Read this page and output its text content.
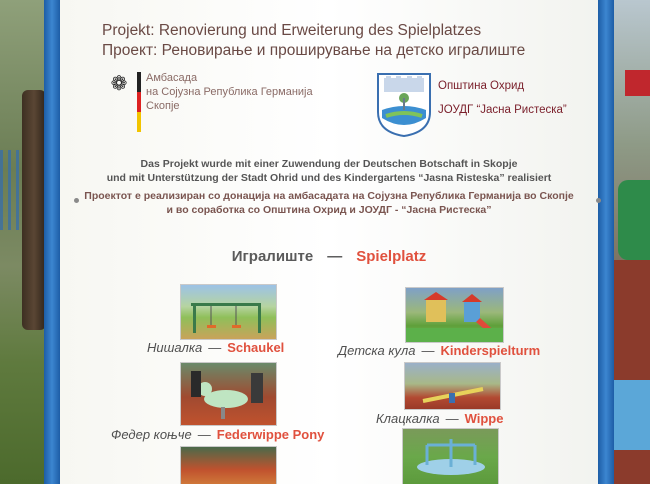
Projekt: Renovierung und Erweiterung des Spielplatzes
Проект: Реновирање и проширување на детско игралиште
❁ Амбасада
на Сојузна Република Германија
Скопје
Општина Охрид
ЈОУДГ “Јасна Ристеска”
Das Projekt wurde mit einer Zuwendung der Deutschen Botschaft in Skopje
und mit Unterstützung der Stadt Ohrid und des Kindergartens “Jasna Risteska” realisiert
Проектот е реализиран со донација на амбасадата на Сојузна Република Германија во Скопје
и во соработка со Општина Охрид и ЈОУДГ - “Јасна Ристеска”
Игралиште — Spielplatz
Нишалка — Schaukel	Детска кула — Kinderspielturm
Федер коњче — Federwippe Pony
Клацкалка — Wippe
